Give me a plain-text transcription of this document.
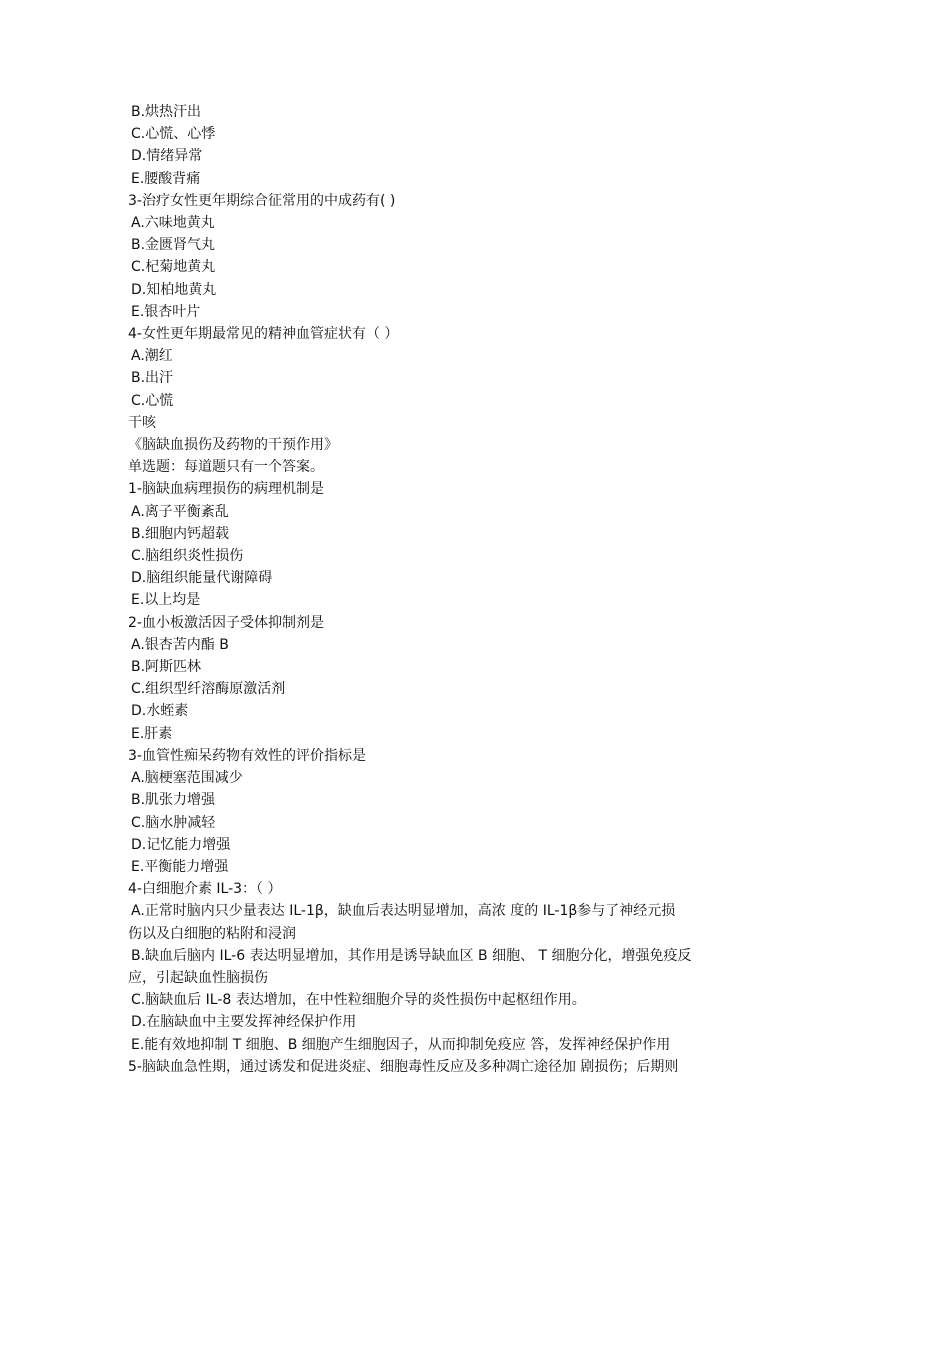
B.烘热汗出
C.心慌、心悸
D.情绪异常
E.腰酸背痛
3-治疗女性更年期综合征常用的中成药有( )
A.六味地黄丸
B.金匮肾气丸
C.杞菊地黄丸
D.知柏地黄丸
E.银杏叶片
4-女性更年期最常见的精神血管症状有（ ）
A.潮红
B.出汗
C.心慌
干咳
《脑缺血损伤及药物的干预作用》
单选题：每道题只有一个答案。
1-脑缺血病理损伤的病理机制是
A.离子平衡紊乱
B.细胞内钙超载
C.脑组织炎性损伤
D.脑组织能量代谢障碍
E.以上均是
2-血小板激活因子受体抑制剂是
A.银杏苦内酯 B
B.阿斯匹林
C.组织型纤溶酶原激活剂
D.水蛭素
E.肝素
3-血管性痴呆药物有效性的评价指标是
A.脑梗塞范围减少
B.肌张力增强
C.脑水肿减轻
D.记忆能力增强
E.平衡能力增强
4-白细胞介素 IL-3：（ ）
A.正常时脑内只少量表达 IL-1β，缺血后表达明显增加，高浓 度的 IL-1β参与了神经元损
伤以及白细胞的粘附和浸润
B.缺血后脑内 IL-6 表达明显增加，其作用是诱导缺血区 B 细胞、 T 细胞分化，增强免疫反
应，引起缺血性脑损伤
C.脑缺血后 IL-8 表达增加，在中性粒细胞介导的炎性损伤中起枢纽作用。
D.在脑缺血中主要发挥神经保护作用
E.能有效地抑制 T 细胞、B 细胞产生细胞因子，从而抑制免疫应 答，发挥神经保护作用
5-脑缺血急性期，通过诱发和促进炎症、细胞毒性反应及多种凋亡途径加 剧损伤；后期则
